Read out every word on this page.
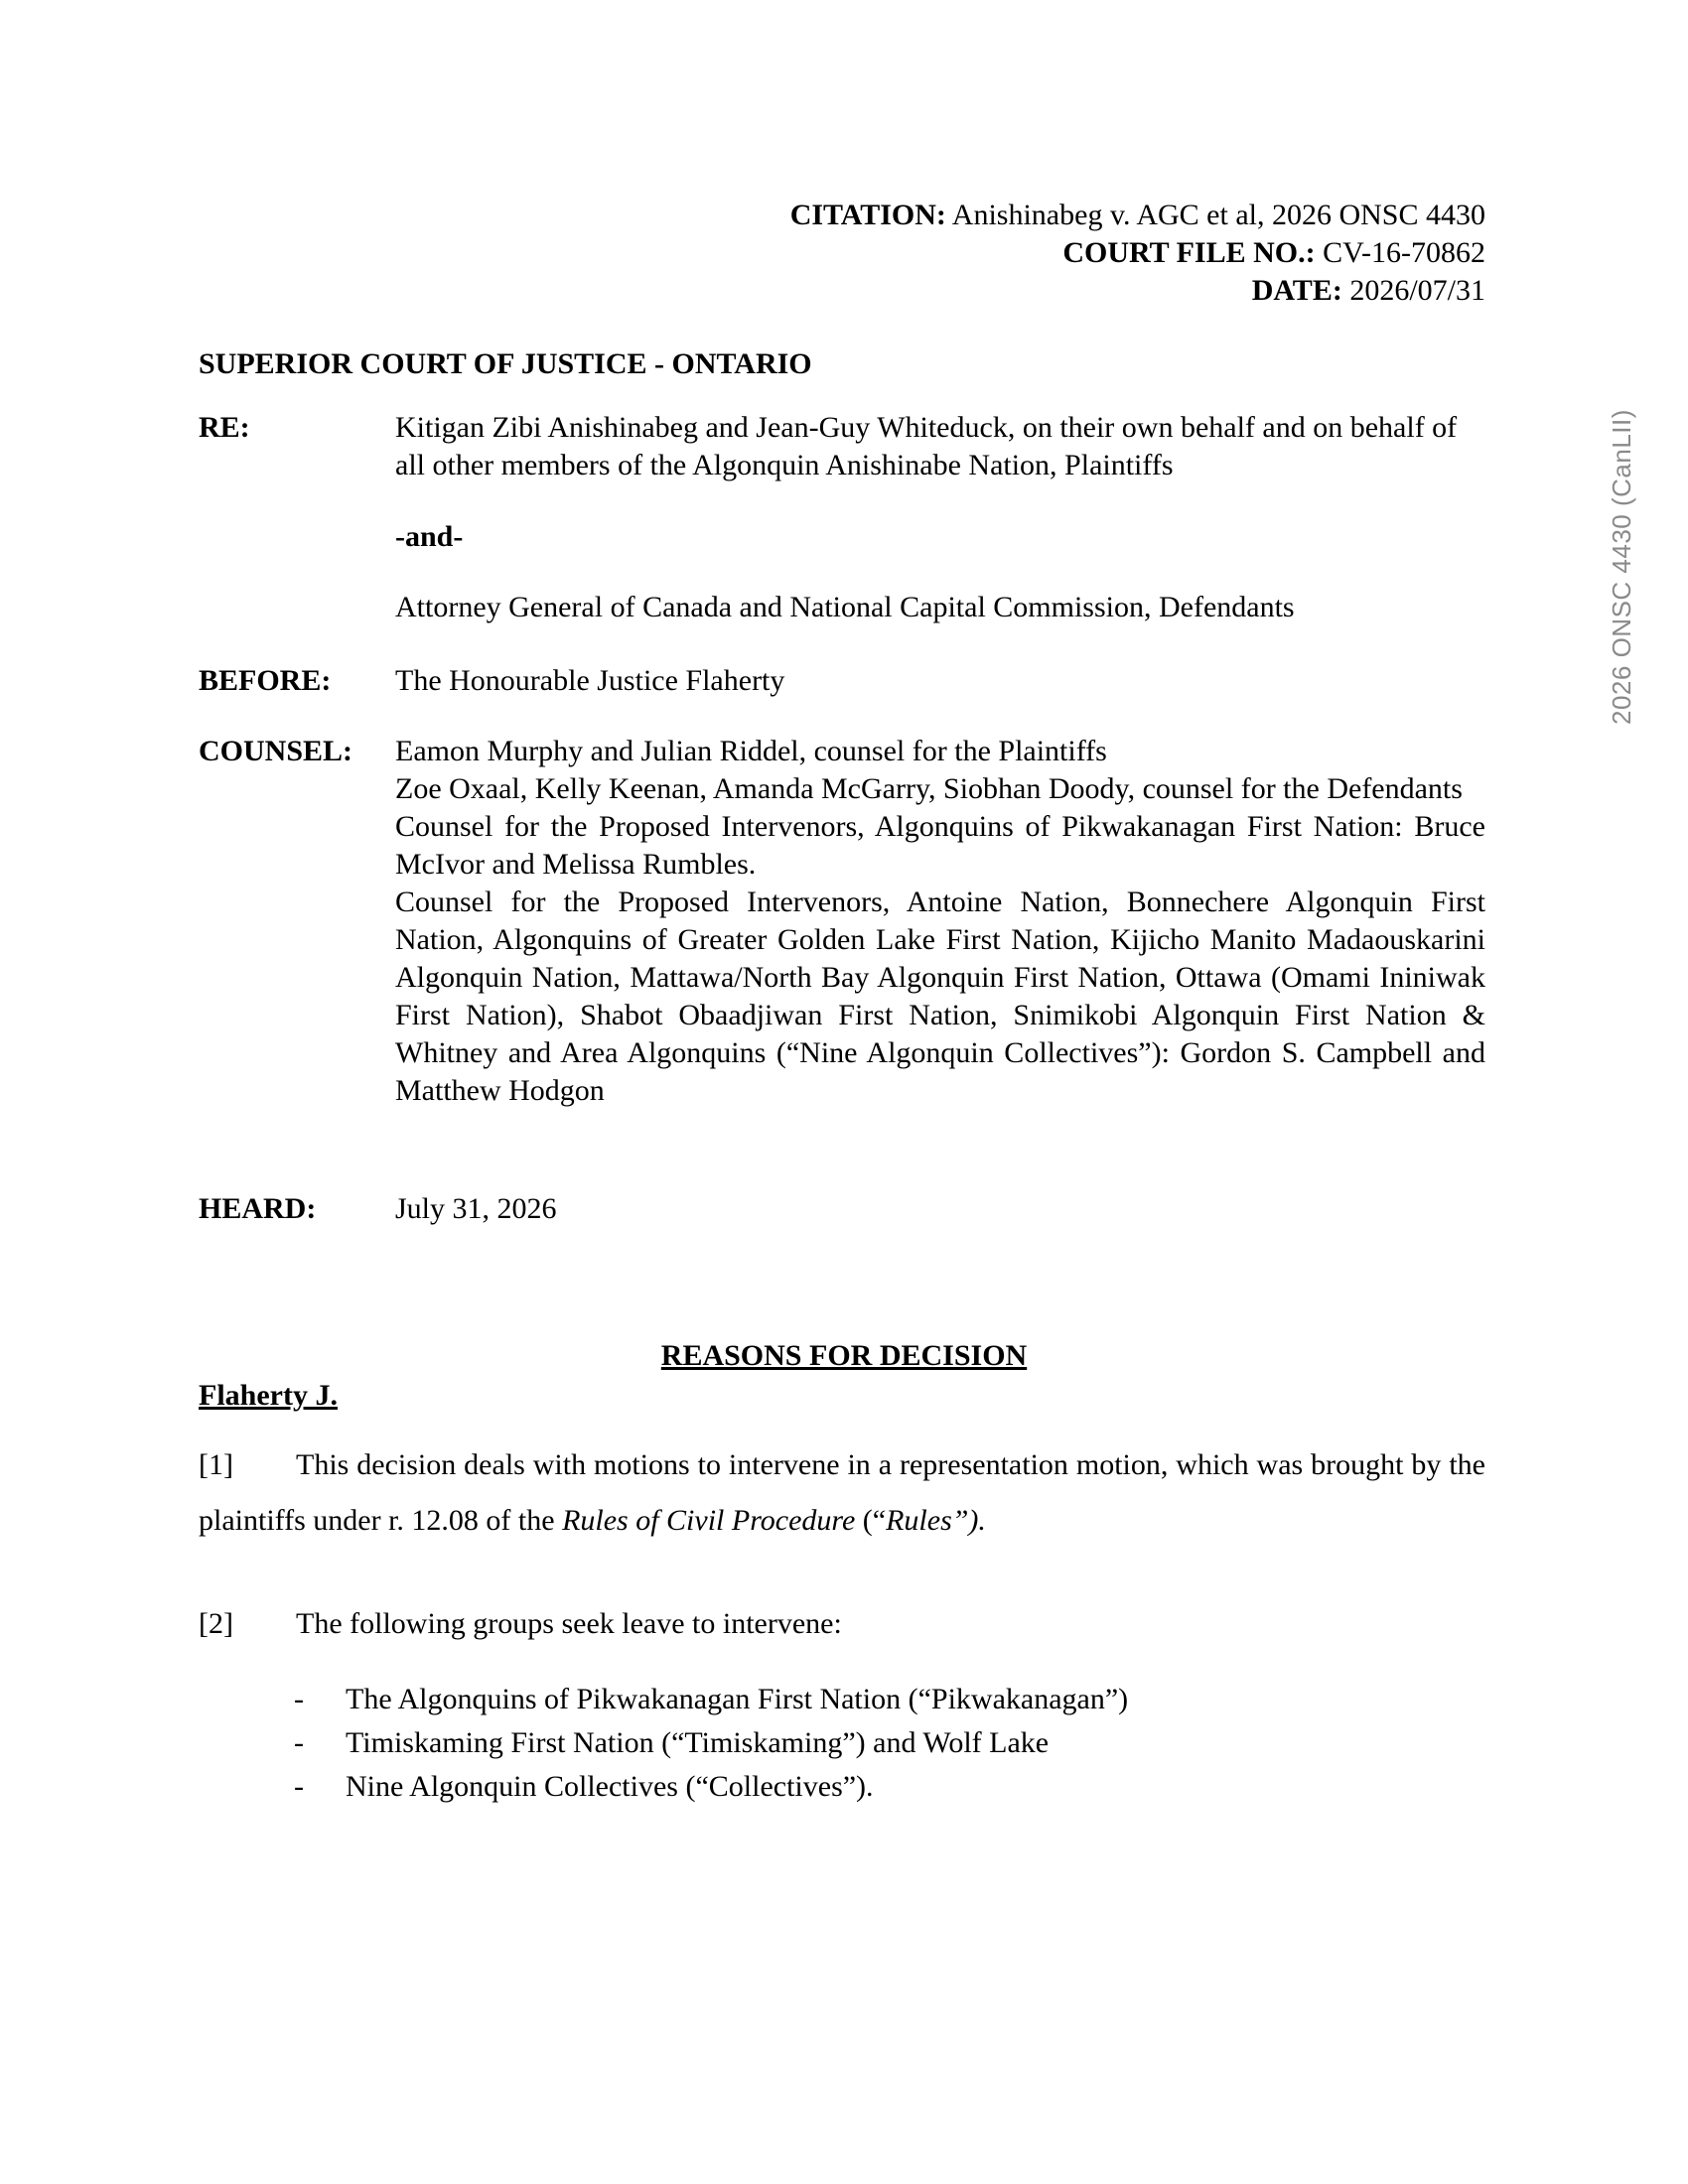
CITATION: Anishinabeg v. AGC et al, 2026 ONSC 4430
COURT FILE NO.: CV-16-70862
DATE: 2026/07/31
SUPERIOR COURT OF JUSTICE - ONTARIO
RE:	Kitigan Zibi Anishinabeg and Jean-Guy Whiteduck, on their own behalf and on behalf of all other members of the Algonquin Anishinabe Nation, Plaintiffs

-and-

Attorney General of Canada and National Capital Commission, Defendants

BEFORE: The Honourable Justice Flaherty
COUNSEL: Eamon Murphy and Julian Riddel, counsel for the Plaintiffs

Zoe Oxaal, Kelly Keenan, Amanda McGarry, Siobhan Doody, counsel for the Defendants

Counsel for the Proposed Intervenors, Algonquins of Pikwakanagan First Nation: Bruce McIvor and Melissa Rumbles.

Counsel for the Proposed Intervenors, Antoine Nation, Bonnechere Algonquin First Nation, Algonquins of Greater Golden Lake First Nation, Kijicho Manito Madaouskarini Algonquin Nation, Mattawa/North Bay Algonquin First Nation, Ottawa (Omami Ininiwak First Nation), Shabot Obaadjiwan First Nation, Snimikobi Algonquin First Nation & Whitney and Area Algonquins (“Nine Algonquin Collectives”): Gordon S. Campbell and Matthew Hodgon

HEARD:	July 31, 2026
REASONS FOR DECISION
Flaherty J.
[1] This decision deals with motions to intervene in a representation motion, which was brought by the plaintiffs under r. 12.08 of the Rules of Civil Procedure (“Rules”).
[2] The following groups seek leave to intervene:
- The Algonquins of Pikwakanagan First Nation (“Pikwakanagan”)
- Timiskaming First Nation (“Timiskaming”) and Wolf Lake
- Nine Algonquin Collectives (“Collectives”).
2026 ONSC 4430 (CanLII)
